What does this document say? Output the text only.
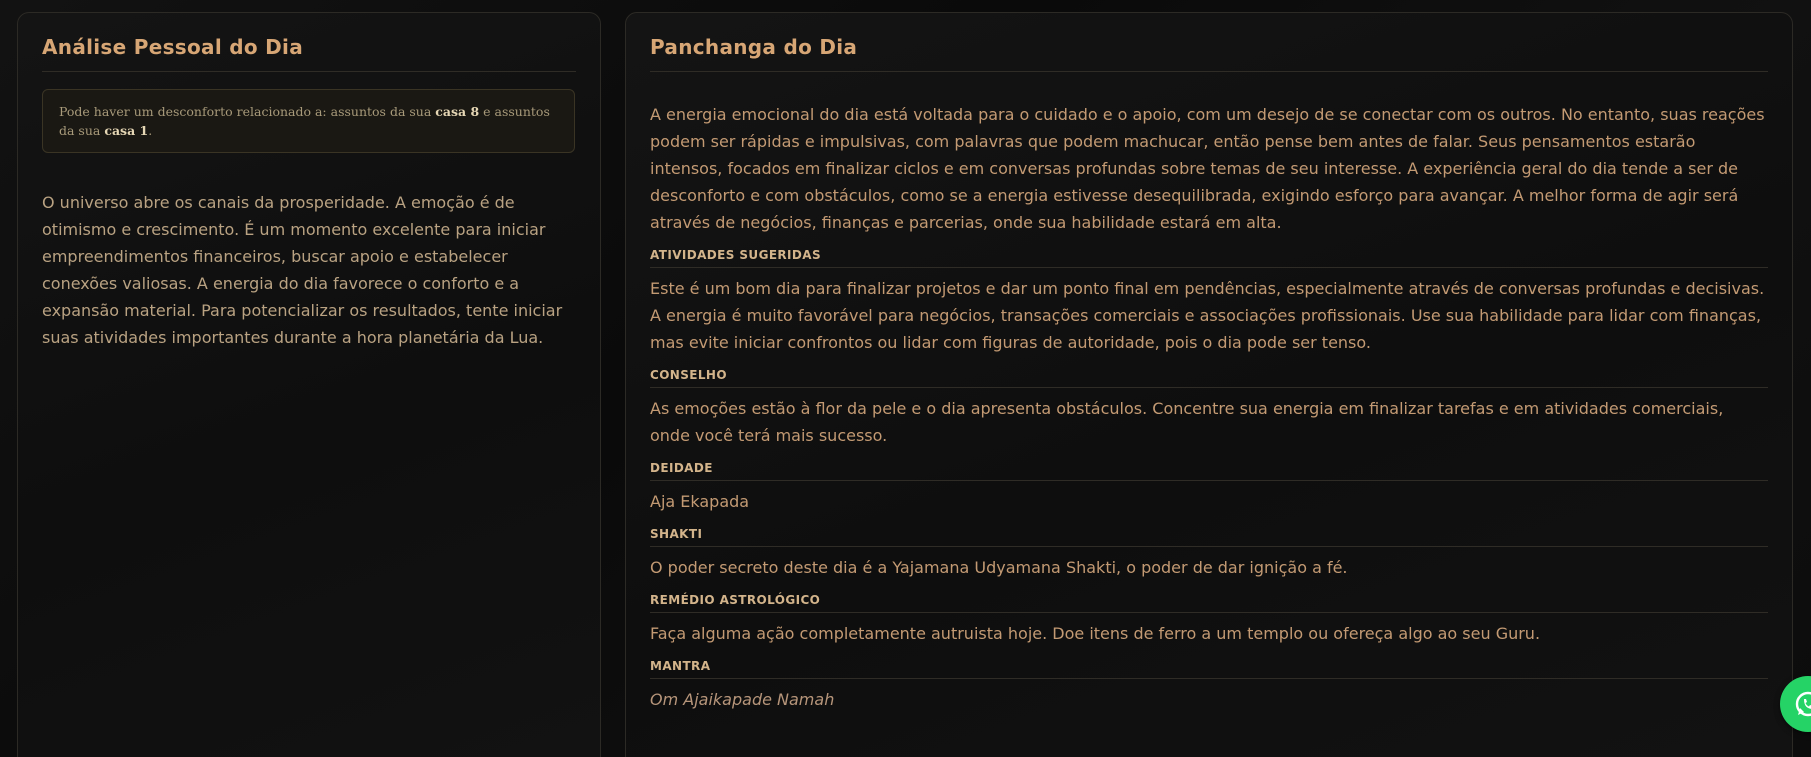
Análise Pessoal do Dia
Pode haver um desconforto relacionado a: assuntos da sua casa 8 e assuntos da sua casa 1.
O universo abre os canais da prosperidade. A emoção é de otimismo e crescimento. É um momento excelente para iniciar empreendimentos financeiros, buscar apoio e estabelecer conexões valiosas. A energia do dia favorece o conforto e a expansão material. Para potencializar os resultados, tente iniciar suas atividades importantes durante a hora planetária da Lua.
Panchanga do Dia

A energia emocional do dia está voltada para o cuidado e o apoio, com um desejo de se conectar com os outros. No entanto, suas reações podem ser rápidas e impulsivas, com palavras que podem machucar, então pense bem antes de falar. Seus pensamentos estarão intensos, focados em finalizar ciclos e em conversas profundas sobre temas de seu interesse. A experiência geral do dia tende a ser de desconforto e com obstáculos, como se a energia estivesse desequilibrada, exigindo esforço para avançar. A melhor forma de agir será através de negócios, finanças e parcerias, onde sua habilidade estará em alta.

ATIVIDADES SUGERIDAS
Este é um bom dia para finalizar projetos e dar um ponto final em pendências, especialmente através de conversas profundas e decisivas. A energia é muito favorável para negócios, transações comerciais e associações profissionais. Use sua habilidade para lidar com finanças, mas evite iniciar confrontos ou lidar com figuras de autoridade, pois o dia pode ser tenso.
CONSELHO
As emoções estão à flor da pele e o dia apresenta obstáculos. Concentre sua energia em finalizar tarefas e em atividades comerciais, onde você terá mais sucesso.
DEIDADE
Aja Ekapada
SHAKTI
O poder secreto deste dia é a Yajamana Udyamana Shakti, o poder de dar ignição a fé.
REMÉDIO ASTROLÓGICO
Faça alguma ação completamente autruista hoje. Doe itens de ferro a um templo ou ofereça algo ao seu Guru.
MANTRA
Om Ajaikapade Namah
